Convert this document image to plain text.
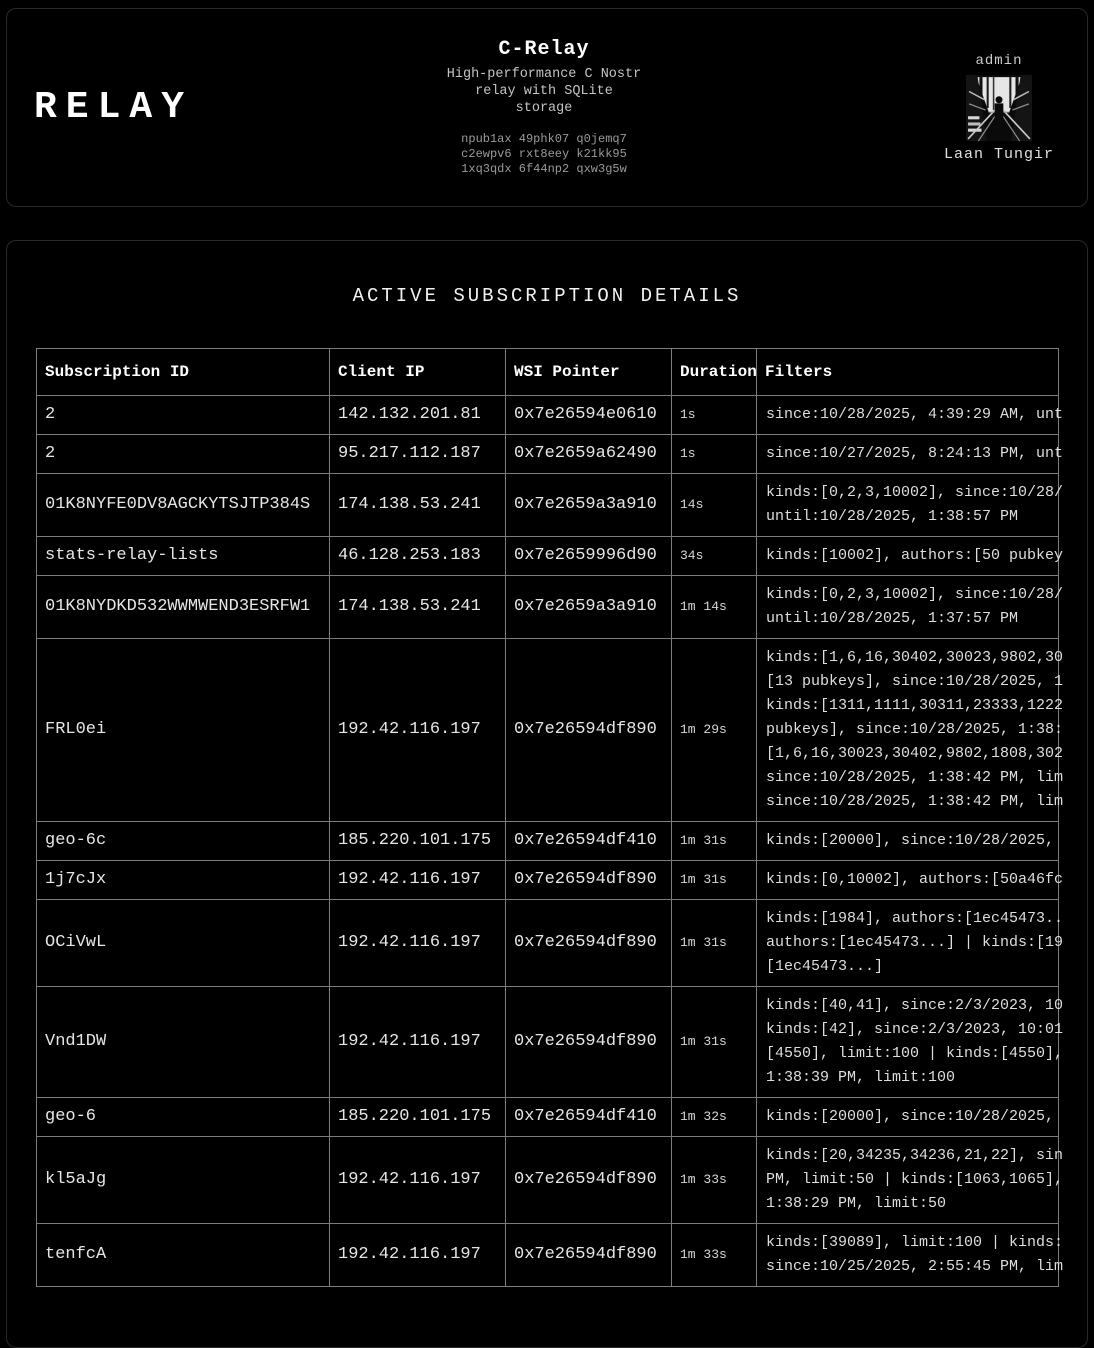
RELAY
C-Relay
High-performance C Nostr
relay with SQLite
storage
npub1ax 49phk07 q0jemq7
c2ewpv6 rxt8eey k21kk95
1xq3qdx 6f44np2 qxw3g5w
admin
Laan Tungir
ACTIVE SUBSCRIPTION DETAILS
Subscription ID	Client IP	WSI Pointer	Duration	Filters
2	142.132.201.81	0x7e26594e0610	1s	since:10/28/2025, 4:39:29 AM, unt

2	95.217.112.187	0x7e2659a62490	1s	since:10/27/2025, 8:24:13 PM, unt

01K8NYFE0DV8AGCKYTSJTP384S	174.138.53.241	0x7e2659a3a910	14s	kinds:[0,2,3,10002], since:10/28/
until:10/28/2025, 1:38:57 PM

stats-relay-lists	46.128.253.183	0x7e2659996d90	34s	kinds:[10002], authors:[50 pubkey

01K8NYDKD532WWMWEND3ESRFW1	174.138.53.241	0x7e2659a3a910	1m 14s	kinds:[0,2,3,10002], since:10/28/
until:10/28/2025, 1:37:57 PM

FRL0ei	192.42.116.197	0x7e26594df890	1m 29s	
kinds:[1,6,16,30402,30023,9802,30
[13 pubkeys], since:10/28/2025, 1
kinds:[1311,1111,30311,23333,1222
pubkeys], since:10/28/2025, 1:38:
[1,6,16,30023,30402,9802,1808,302
since:10/28/2025, 1:38:42 PM, lim
since:10/28/2025, 1:38:42 PM, lim

geo-6c	185.220.101.175	0x7e26594df410	1m 31s	kinds:[20000], since:10/28/2025,

1j7cJx	192.42.116.197	0x7e26594df890	1m 31s	kinds:[0,10002], authors:[50a46fc

OCiVwL	192.42.116.197	0x7e26594df890	1m 31s	kinds:[1984], authors:[1ec45473..
authors:[1ec45473...] | kinds:[19
[1ec45473...]

Vnd1DW	192.42.116.197	0x7e26594df890	1m 31s	kinds:[40,41], since:2/3/2023, 10
kinds:[42], since:2/3/2023, 10:01
[4550], limit:100 | kinds:[4550],
1:38:39 PM, limit:100

geo-6	185.220.101.175	0x7e26594df410	1m 32s	kinds:[20000], since:10/28/2025,

kl5aJg	192.42.116.197	0x7e26594df890	1m 33s	kinds:[20,34235,34236,21,22], sin
PM, limit:50 | kinds:[1063,1065],
1:38:29 PM, limit:50

tenfcA	192.42.116.197	0x7e26594df890	1m 33s	kinds:[39089], limit:100 | kinds:
since:10/25/2025, 2:55:45 PM, lim
